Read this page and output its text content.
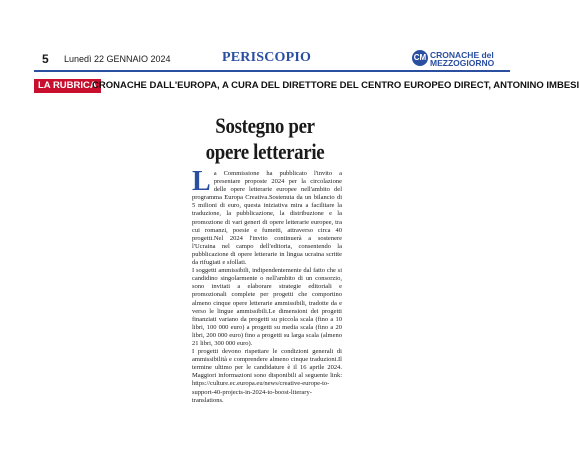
5 Lunedì 22 GENNAIO 2024	PERISCOPIO	CM CRONACHE del
MEZZOGIORNO
LA RUBRICA
CRONACHE DALL'EUROPA, A CURA DEL DIRETTORE DEL CENTRO EUROPEO DIRECT, ANTONINO IMBESI
Sostegno per
opere letterarie

La Commissione ha pubblicato l'invito a presentare proposte 2024 per la circolazione delle opere letterarie europee nell'ambito del programma Europa Creativa.Sostenuta da un bilancio di 5 milioni di euro, questa iniziativa mira a facilitare la traduzione, la pubblicazione, la distribuzione e la promozione di vari generi di opere letterarie europee, tra cui romanzi, poesie e fumetti, attraverso circa 40 progetti.Nel 2024 l'invito continuerà a sostenere l'Ucraina nel campo dell'editoria, consentendo la pubblicazione di opere letterarie in lingua ucraina scritte da rifugiati e sfollati.

I soggetti ammissibili, indipendentemente dal fatto che si candidino singolarmente o nell'ambito di un consorzio, sono invitati a elaborare strategie editoriali e promozionali complete per progetti che comportino almeno cinque opere letterarie ammissibili, tradotte da e verso le lingue ammissibili.Le dimensioni dei progetti finanziati variano da progetti su piccola scala (fino a 10 libri, 100 000 euro) a progetti su media scala (fino a 20 libri, 200 000 euro) fino a progetti su larga scala (almeno 21 libri, 300 000 euro).

I progetti devono rispettare le condizioni generali di ammissibilità e comprendere almeno cinque traduzioni.Il termine ultimo per le candidature è il 16 aprile 2024. Maggiori informazioni sono disponibili al seguente link: https://culture.ec.europa.eu/news/creative-europe-to-support-40-projects-in-2024-to-boost-literary-translations.
